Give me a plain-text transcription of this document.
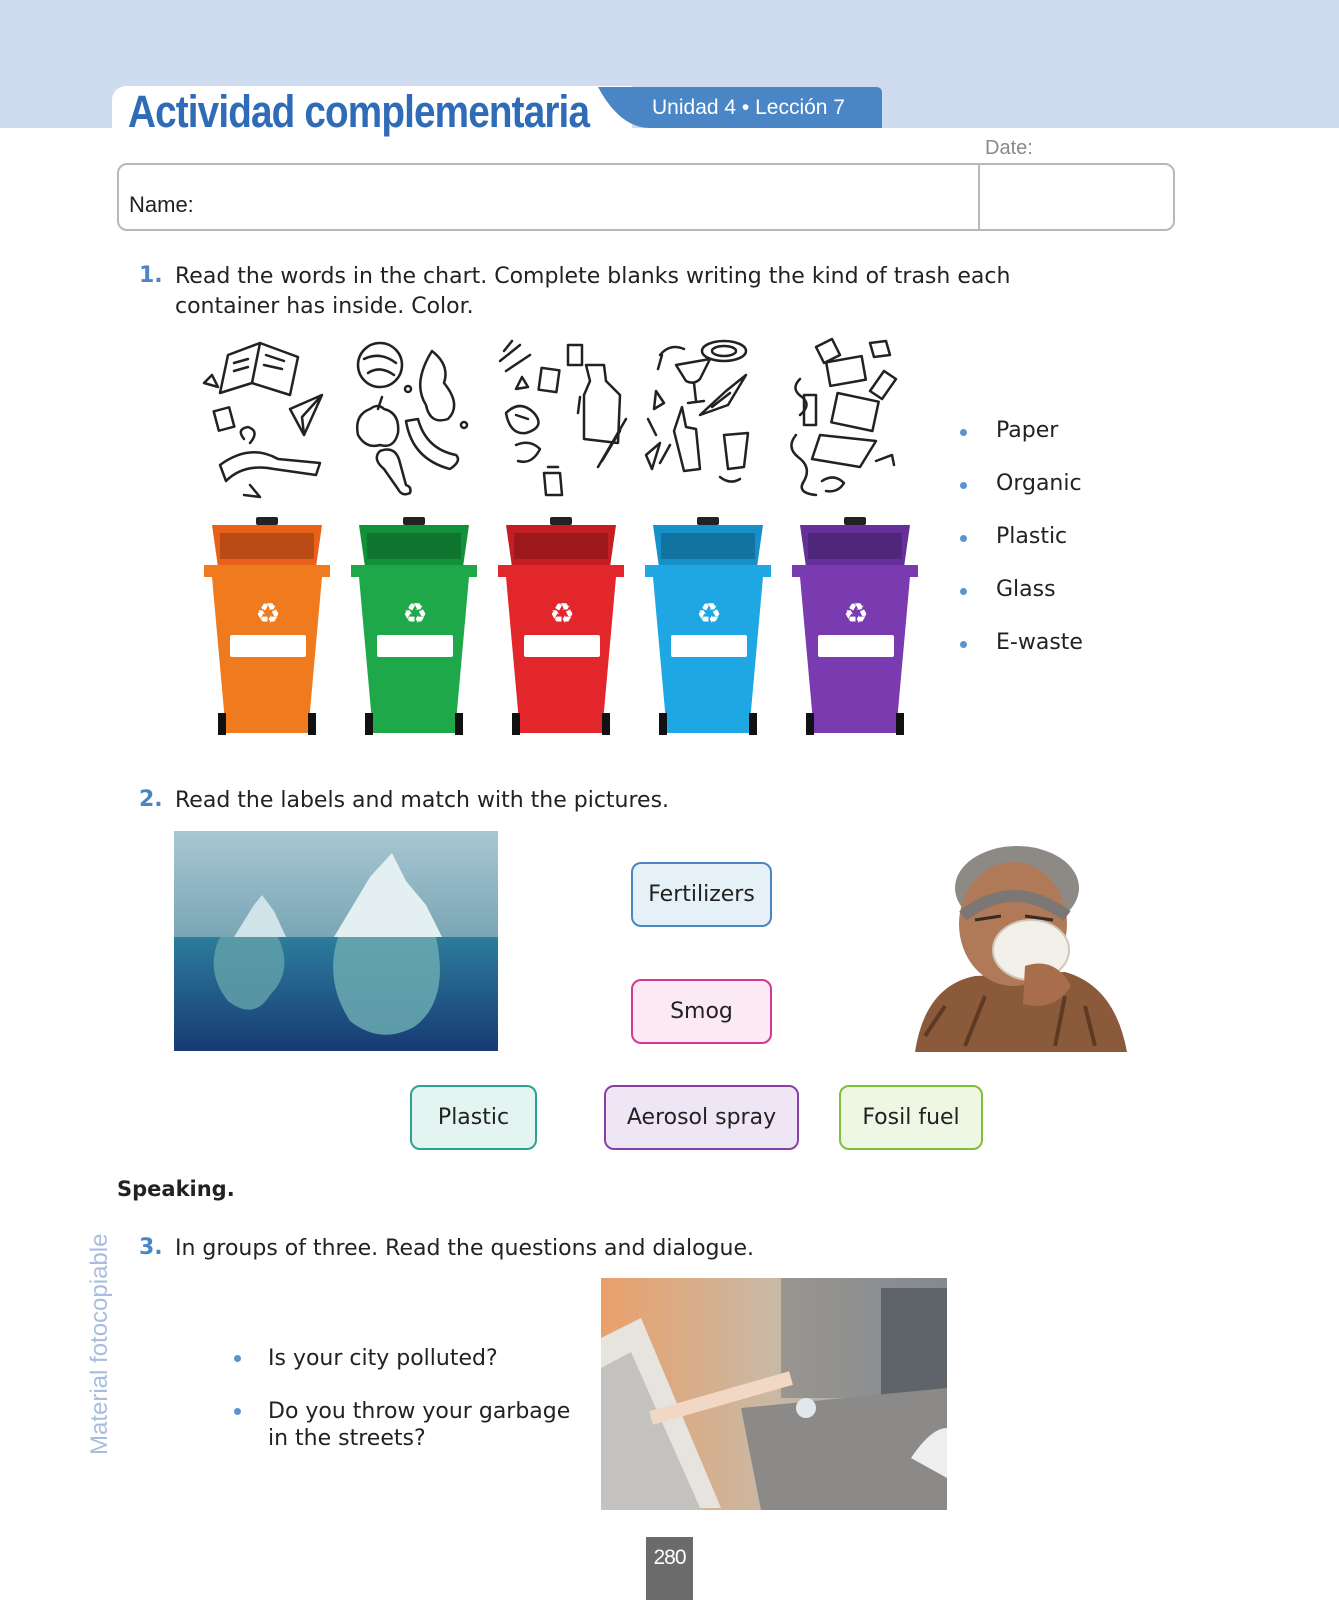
Actividad complementaria	Unidad 4 • Lección 7
Date:
Name:
1. Read the words in the chart. Complete blanks writing the kind of trash each
container has inside. Color.
♻	♻	♻	♻	♻
Paper
Organic
Plastic
Glass
E-waste
2. Read the labels and match with the pictures.
Fertilizers
Smog
Plastic	Aerosol spray	Fosil fuel
Speaking.
3. In groups of three. Read the questions and dialogue.
Is your city polluted?
Do you throw your garbage
in the streets?
Material fotocopiable
280
